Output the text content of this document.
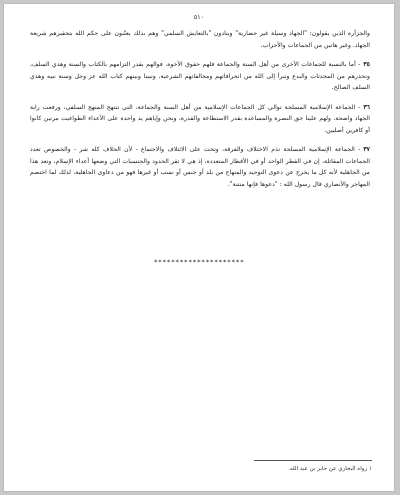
٥١٠

والجزأرة الذين يقولون: "الجهاد وسيلة غير حضارية" وينادون "بالتعايش السلمي" وهم بذلك يعتّبون على حكم الله بتحقيرهم شريعة الجهاد. وغير هاتين من الجماعات والأحزاب.

٣٥- أما بالنسبة للجماعات الأخرى من أهل السنة والجماعة فلهم حقوق الأخوة. فوالهم بقدر التزامهم بالكتاب والسنة وهدي السلف، ونحذرهم من المحدثات والبدع ونبرأ إلى الله من انحرافاتهم ومخالفاتهم الشرعية. ونبينا وبينهم كتاب الله عز وجل وسنة نبيه وهدي السلف الصالح.

٣٦- الجماعة الإسلامية المسلحة توالي كل الجماعات الإسلامية من أهل السنة والجماعة، التي تنتهج المنهج السلفي، ورفعت راية الجهاد واضحة. ولهم علينا حق النصرة والمساعدة بقدر الاستطاعة والقدرة، ونحن وإياهم يد واحدة على الأعداء الطواغيت مرتين كانوا أو كافرين أصليين.

٣٧- الجماعة الإسلامية المسلحة تذم الاختلاف والفرقة، وتحث على الائتلاف والاجتماع - لأن الخلاف كله شر - والخصوص تعدد الجماعات المقاتلة، إن في القطر الواحد أو في الأقطار المتعددة، إذ هي لا تقر الحدود والجنسيات التي وضعها أعداء الإسلام، وتعد هذا من الجاهلية لأنه كل ما يخرج عن دعوى التوحيد والمنهاج من بلد أو جنس أو نسب أو غيرها فهو من دعاوى الجاهلية. لذلك لما اختصم المهاجر والأنصاري قال رسول الله : "دعوها فإنها منتنة".

*********************
١ رواه البخاري عن جابر بن عبد الله.
